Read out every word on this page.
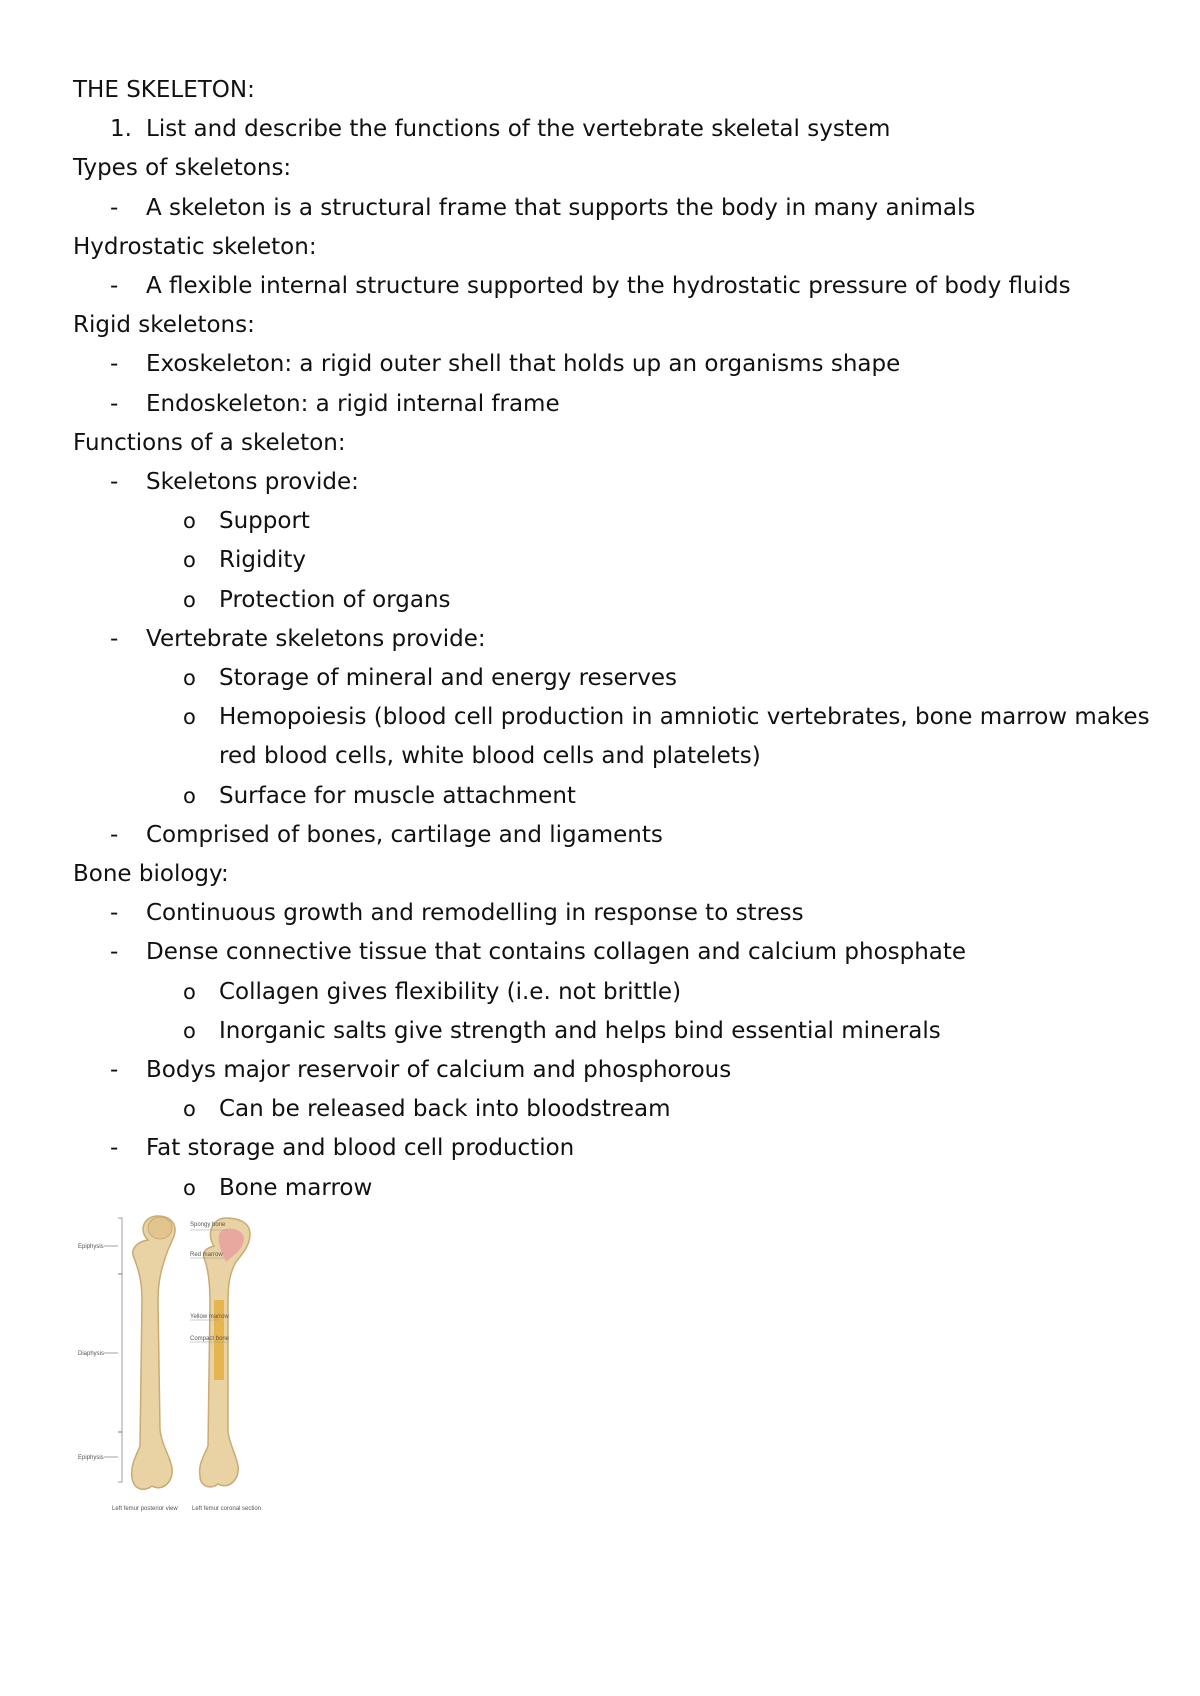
THE SKELETON:
1. List and describe the functions of the vertebrate skeletal system
Types of skeletons:
- A skeleton is a structural frame that supports the body in many animals
Hydrostatic skeleton:
- A flexible internal structure supported by the hydrostatic pressure of body fluids
Rigid skeletons:
- Exoskeleton: a rigid outer shell that holds up an organisms shape
- Endoskeleton: a rigid internal frame
Functions of a skeleton:
- Skeletons provide:
o Support
o Rigidity
o Protection of organs
- Vertebrate skeletons provide:
o Storage of mineral and energy reserves
o Hemopoiesis (blood cell production in amniotic vertebrates, bone marrow makes
red blood cells, white blood cells and platelets)
o Surface for muscle attachment
- Comprised of bones, cartilage and ligaments
Bone biology:
- Continuous growth and remodelling in response to stress
- Dense connective tissue that contains collagen and calcium phosphate
o Collagen gives flexibility (i.e. not brittle)
o Inorganic salts give strength and helps bind essential minerals
- Bodys major reservoir of calcium and phosphorous
o Can be released back into bloodstream
- Fat storage and blood cell production
o Bone marrow
Epiphysis
Diaphysis
Epiphysis
Spongy bone
Red marrow
Yellow marrow
Compact bone
Left femur posterior view Left femur coronal section
